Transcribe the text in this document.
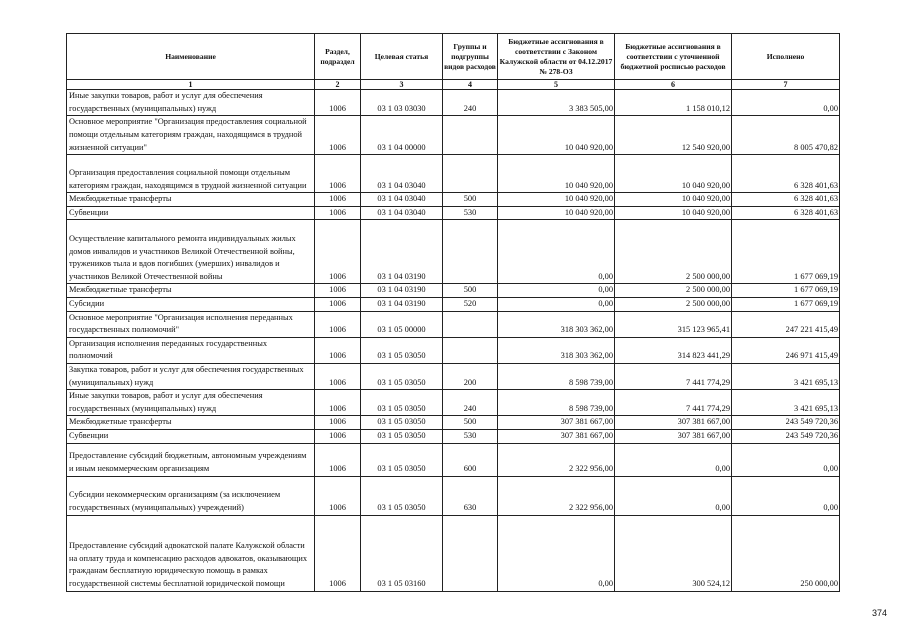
Наименование	Раздел, подраздел	Целевая статья	Группы и подгруппы видов расходов	Бюджетные ассигнования в соответствии с Законом Калужской области от 04.12.2017 № 278-ОЗ	Бюджетные ассигнования в соответствии с уточненной бюджетной росписью расходов	Исполнено
1	2	3	4	5	6	7
Иные закупки товаров, работ и услуг для обеспечения государственных (муниципальных) нужд	1006	03 1 03 03030	240	3 383 505,00	1 158 010,12	0,00
Основное мероприятие "Организация предоставления социальной помощи отдельным категориям граждан, находящимся в трудной жизненной ситуации"	1006	03 1 04 00000		10 040 920,00	12 540 920,00	8 005 470,82
Организация предоставления социальной помощи отдельным категориям граждан, находящимся в трудной жизненной ситуации	1006	03 1 04 03040		10 040 920,00	10 040 920,00	6 328 401,63
Межбюджетные трансферты	1006	03 1 04 03040	500	10 040 920,00	10 040 920,00	6 328 401,63
Субвенции	1006	03 1 04 03040	530	10 040 920,00	10 040 920,00	6 328 401,63
Осуществление капитального ремонта индивидуальных жилых домов инвалидов и участников Великой Отечественной войны, тружеников тыла и вдов погибших (умерших) инвалидов и участников Великой Отечественной войны	1006	03 1 04 03190		0,00	2 500 000,00	1 677 069,19
Межбюджетные трансферты	1006	03 1 04 03190	500	0,00	2 500 000,00	1 677 069,19
Субсидии	1006	03 1 04 03190	520	0,00	2 500 000,00	1 677 069,19
Основное мероприятие "Организация исполнения переданных государственных полномочий"	1006	03 1 05 00000		318 303 362,00	315 123 965,41	247 221 415,49
Организация исполнения переданных государственных полномочий	1006	03 1 05 03050		318 303 362,00	314 823 441,29	246 971 415,49
Закупка товаров, работ и услуг для обеспечения государственных (муниципальных) нужд	1006	03 1 05 03050	200	8 598 739,00	7 441 774,29	3 421 695,13
Иные закупки товаров, работ и услуг для обеспечения государственных (муниципальных) нужд	1006	03 1 05 03050	240	8 598 739,00	7 441 774,29	3 421 695,13
Межбюджетные трансферты	1006	03 1 05 03050	500	307 381 667,00	307 381 667,00	243 549 720,36
Субвенции	1006	03 1 05 03050	530	307 381 667,00	307 381 667,00	243 549 720,36
Предоставление субсидий бюджетным, автономным учреждениям и иным некоммерческим организациям	1006	03 1 05 03050	600	2 322 956,00	0,00	0,00
Субсидии некоммерческим организациям (за исключением государственных (муниципальных) учреждений)	1006	03 1 05 03050	630	2 322 956,00	0,00	0,00
Предоставление субсидий адвокатской палате Калужской области на оплату труда и компенсацию расходов адвокатов, оказывающих гражданам бесплатную юридическую помощь в рамках государственной системы бесплатной юридической помощи	1006	03 1 05 03160		0,00	300 524,12	250 000,00
374
